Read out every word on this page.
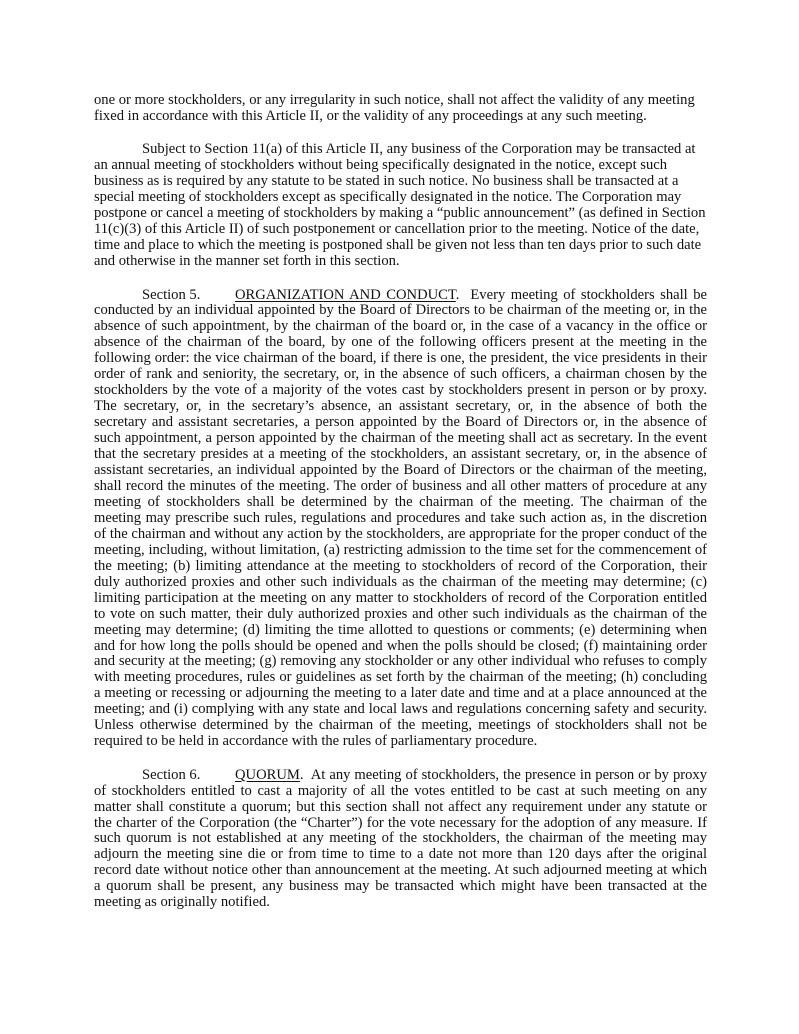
one or more stockholders, or any irregularity in such notice, shall not affect the validity of any meeting fixed in accordance with this Article II, or the validity of any proceedings at any such meeting.

Subject to Section 11(a) of this Article II, any business of the Corporation may be transacted at an annual meeting of stockholders without being specifically designated in the notice, except such business as is required by any statute to be stated in such notice. No business shall be transacted at a special meeting of stockholders except as specifically designated in the notice. The Corporation may postpone or cancel a meeting of stockholders by making a “public announcement” (as defined in Section 11(c)(3) of this Article II) of such postponement or cancellation prior to the meeting. Notice of the date, time and place to which the meeting is postponed shall be given not less than ten days prior to such date and otherwise in the manner set forth in this section.

Section 5. ORGANIZATION AND CONDUCT. Every meeting of stockholders shall be conducted by an individual appointed by the Board of Directors to be chairman of the meeting or, in the absence of such appointment, by the chairman of the board or, in the case of a vacancy in the office or absence of the chairman of the board, by one of the following officers present at the meeting in the following order: the vice chairman of the board, if there is one, the president, the vice presidents in their order of rank and seniority, the secretary, or, in the absence of such officers, a chairman chosen by the stockholders by the vote of a majority of the votes cast by stockholders present in person or by proxy. The secretary, or, in the secretary’s absence, an assistant secretary, or, in the absence of both the secretary and assistant secretaries, a person appointed by the Board of Directors or, in the absence of such appointment, a person appointed by the chairman of the meeting shall act as secretary. In the event that the secretary presides at a meeting of the stockholders, an assistant secretary, or, in the absence of assistant secretaries, an individual appointed by the Board of Directors or the chairman of the meeting, shall record the minutes of the meeting. The order of business and all other matters of procedure at any meeting of stockholders shall be determined by the chairman of the meeting. The chairman of the meeting may prescribe such rules, regulations and procedures and take such action as, in the discretion of the chairman and without any action by the stockholders, are appropriate for the proper conduct of the meeting, including, without limitation, (a) restricting admission to the time set for the commencement of the meeting; (b) limiting attendance at the meeting to stockholders of record of the Corporation, their duly authorized proxies and other such individuals as the chairman of the meeting may determine; (c) limiting participation at the meeting on any matter to stockholders of record of the Corporation entitled to vote on such matter, their duly authorized proxies and other such individuals as the chairman of the meeting may determine; (d) limiting the time allotted to questions or comments; (e) determining when and for how long the polls should be opened and when the polls should be closed; (f) maintaining order and security at the meeting; (g) removing any stockholder or any other individual who refuses to comply with meeting procedures, rules or guidelines as set forth by the chairman of the meeting; (h) concluding a meeting or recessing or adjourning the meeting to a later date and time and at a place announced at the meeting; and (i) complying with any state and local laws and regulations concerning safety and security. Unless otherwise determined by the chairman of the meeting, meetings of stockholders shall not be required to be held in accordance with the rules of parliamentary procedure.

Section 6. QUORUM. At any meeting of stockholders, the presence in person or by proxy of stockholders entitled to cast a majority of all the votes entitled to be cast at such meeting on any matter shall constitute a quorum; but this section shall not affect any requirement under any statute or the charter of the Corporation (the “Charter”) for the vote necessary for the adoption of any measure. If such quorum is not established at any meeting of the stockholders, the chairman of the meeting may adjourn the meeting sine die or from time to time to a date not more than 120 days after the original record date without notice other than announcement at the meeting. At such adjourned meeting at which a quorum shall be present, any business may be transacted which might have been transacted at the meeting as originally notified.
